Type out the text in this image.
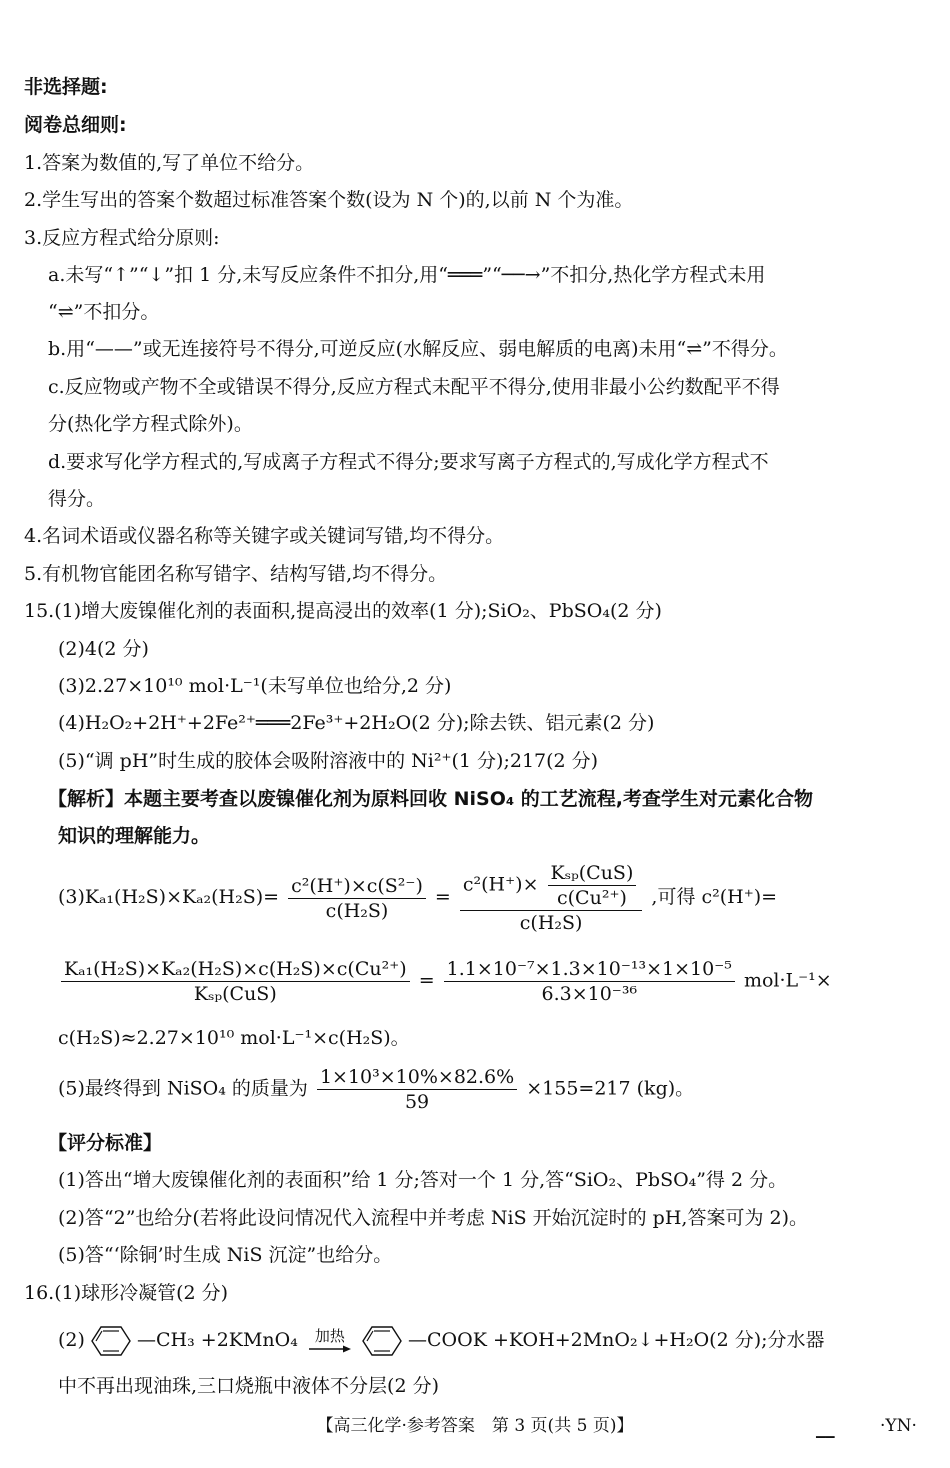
非选择题:
阅卷总细则:
1.答案为数值的,写了单位不给分。
2.学生写出的答案个数超过标准答案个数(设为 N 个)的,以前 N 个为准。
3.反应方程式给分原则:
a.未写“↑”“↓”扣 1 分,未写反应条件不扣分,用“═══”“──→”不扣分,热化学方程式未用
“⇌”不扣分。
b.用“——”或无连接符号不得分,可逆反应(水解反应、弱电解质的电离)未用“⇌”不得分。
c.反应物或产物不全或错误不得分,反应方程式未配平不得分,使用非最小公约数配平不得
分(热化学方程式除外)。
d.要求写化学方程式的,写成离子方程式不得分;要求写离子方程式的,写成化学方程式不
得分。
4.名词术语或仪器名称等关键字或关键词写错,均不得分。
5.有机物官能团名称写错字、结构写错,均不得分。
15.(1)增大废镍催化剂的表面积,提高浸出的效率(1 分);SiO₂、PbSO₄(2 分)
(2)4(2 分)
(3)2.27×10¹⁰ mol·L⁻¹(未写单位也给分,2 分)
(4)H₂O₂+2H⁺+2Fe²⁺═══2Fe³⁺+2H₂O(2 分);除去铁、铝元素(2 分)
(5)“调 pH”时生成的胶体会吸附溶液中的 Ni²⁺(1 分);217(2 分)
【解析】本题主要考查以废镍催化剂为原料回收 NiSO₄ 的工艺流程,考查学生对元素化合物
知识的理解能力。
$(3)K_{a1}(H_2S)\times K_{a2}(H_2S)= \frac{\text{c²(H⁺)×c(S²⁻)}}{\text{c(H₂S)}} = \frac{c^2(H^+)\times \frac{\text{Kₛₚ(CuS)}}{\text{c(Cu²⁺)}}}{\text{c(H₂S)}}$ ,可得 c²(H⁺)=
$\frac{\text{Kₐ₁(H₂S)×Kₐ₂(H₂S)×c(H₂S)×c(Cu²⁺)}}{\text{Kₛₚ(CuS)}} = \frac{\text{1.1×10⁻⁷×1.3×10⁻¹³×1×10⁻⁵}}{\text{6.3×10⁻³⁶}} mol\cdot L^{-1}\times$
c(H₂S)≈2.27×10¹⁰ mol·L⁻¹×c(H₂S)。
(5)最终得到 NiSO₄ 的质量为 $\frac{\text{1×10³×10\%×82.6\%}}{59} \times 155=217$ (kg)。
【评分标准】
(1)答出“增大废镍催化剂的表面积”给 1 分;答对一个 1 分,答“SiO₂、PbSO₄”得 2 分。
(2)答“2”也给分(若将此设问情况代入流程中并考虑 NiS 开始沉淀时的 pH,答案可为 2)。
(5)答“‘除铜’时生成 NiS 沉淀”也给分。
16.(1)球形冷凝管(2 分)
(2)	—CH₃ +2KMnO₄ 加热	—COOK +KOH+2MnO₂↓+H₂O(2 分);分水器
中不再出现油珠,三口烧瓶中液体不分层(2 分)
【高三化学·参考答案　第 3 页(共 5 页)】	▁▁	·YN·
